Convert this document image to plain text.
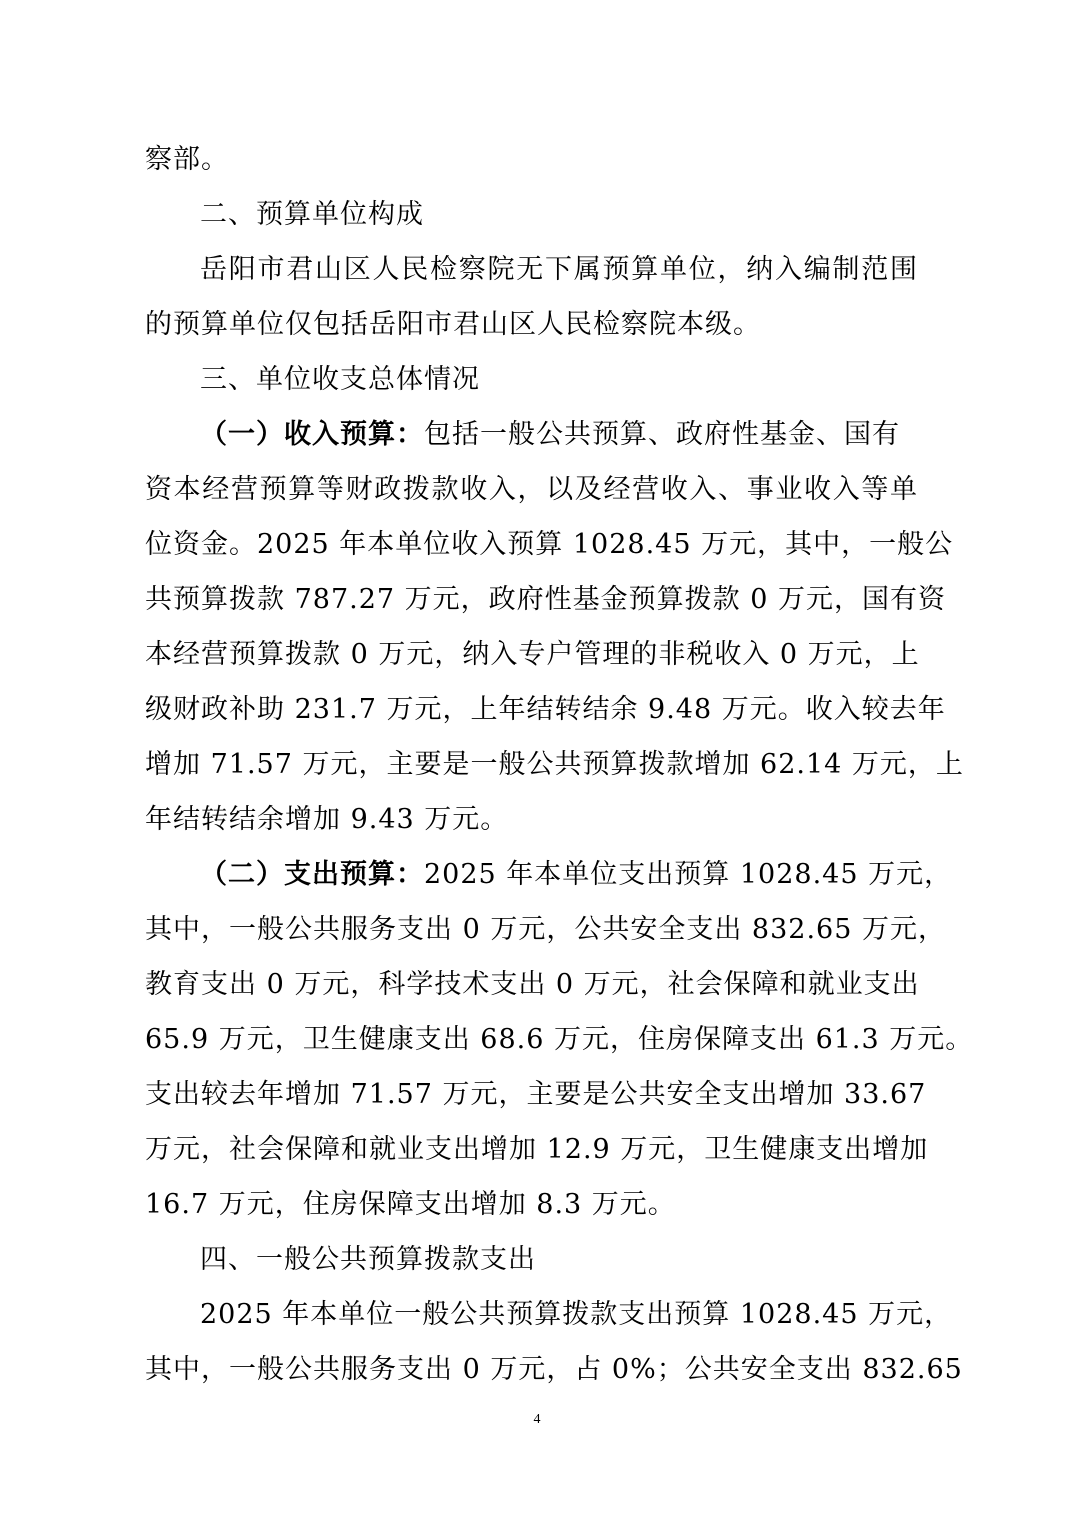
察部。
二、预算单位构成
岳阳市君山区人民检察院无下属预算单位，纳入编制范围
的预算单位仅包括岳阳市君山区人民检察院本级。
三、单位收支总体情况
（一）收入预算：包括一般公共预算、政府性基金、国有
资本经营预算等财政拨款收入，以及经营收入、事业收入等单
位资金。2025 年本单位收入预算 1028.45 万元，其中，一般公
共预算拨款 787.27 万元，政府性基金预算拨款 0 万元，国有资
本经营预算拨款 0 万元，纳入专户管理的非税收入 0 万元，上
级财政补助 231.7 万元，上年结转结余 9.48 万元。收入较去年
增加 71.57 万元，主要是一般公共预算拨款增加 62.14 万元，上
年结转结余增加 9.43 万元。
（二）支出预算：2025 年本单位支出预算 1028.45 万元，
其中，一般公共服务支出 0 万元，公共安全支出 832.65 万元，
教育支出 0 万元，科学技术支出 0 万元，社会保障和就业支出
65.9 万元，卫生健康支出 68.6 万元，住房保障支出 61.3 万元。
支出较去年增加 71.57 万元，主要是公共安全支出增加 33.67
万元，社会保障和就业支出增加 12.9 万元，卫生健康支出增加
16.7 万元，住房保障支出增加 8.3 万元。
四、一般公共预算拨款支出
2025 年本单位一般公共预算拨款支出预算 1028.45 万元，
其中，一般公共服务支出 0 万元，占 0%；公共安全支出 832.65
4
